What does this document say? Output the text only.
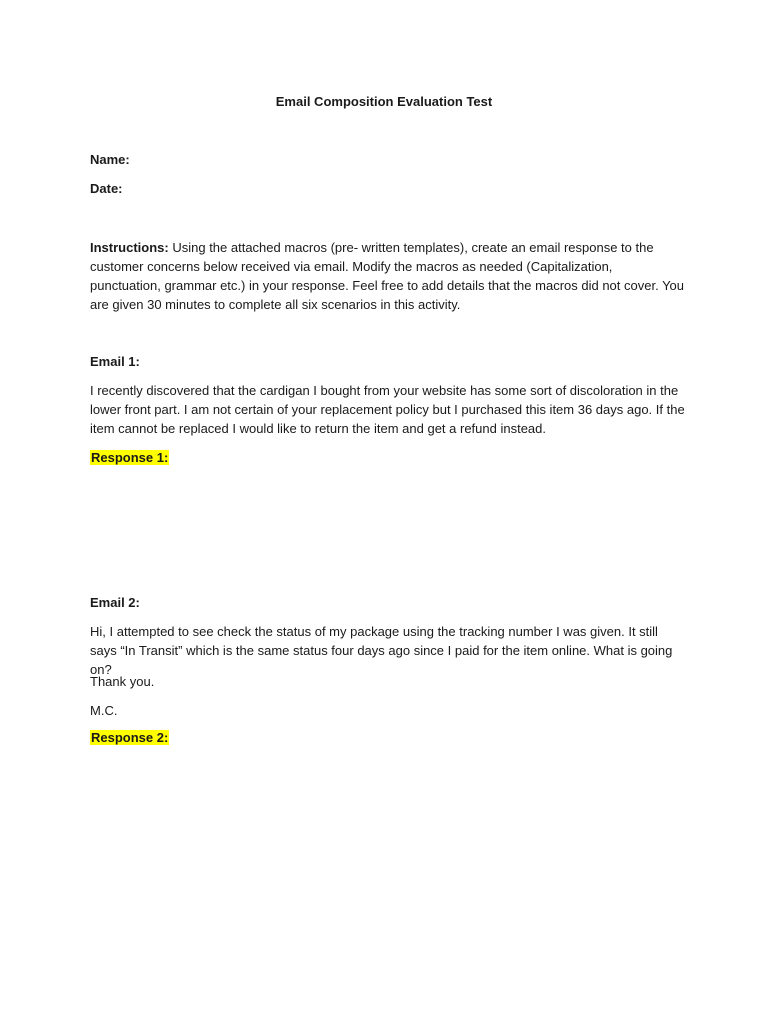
Email Composition Evaluation Test
Name:
Date:
Instructions: Using the attached macros (pre- written templates), create an email response to the customer concerns below received via email. Modify the macros as needed (Capitalization, punctuation, grammar etc.) in your response. Feel free to add details that the macros did not cover. You are given 30 minutes to complete all six scenarios in this activity.
Email 1:
I recently discovered that the cardigan I bought from your website has some sort of discoloration in the lower front part. I am not certain of your replacement policy but I purchased this item 36 days ago. If the item cannot be replaced I would like to return the item and get a refund instead.
Response 1:
Email 2:
Hi, I attempted to see check the status of my package using the tracking number I was given. It still says “In Transit” which is the same status four days ago since I paid for the item online. What is going on?
Thank you.
M.C.
Response 2:
